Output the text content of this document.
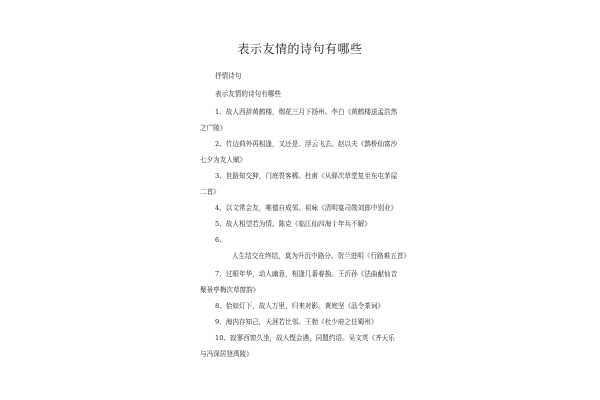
表示友情的诗句有哪些
抒情诗句
表示友情的诗句有哪些
1、故人西辞黄鹤楼，烟花三月下扬州。李白《黄鹤楼送孟浩然
之广陵》
2、竹边荷外再相逢，又还是、浮云飞去。赵以夫《鹊桥仙富沙
七夕为友人赋》
3、世路知交狎，门庭畏客稀。杜甫《从驿次草堂复至东屯茅屋
二首》
4、以文常会友，唯德自成邻。祖咏《清明宴司勋刘郎中别业》
5、故人相望若为情。陈克《临江仙四海十年兵不解》
6、
人生结交在终结，莫为升沉中路分。贺兰进明《行路难五首》
7、过眼年华，动人幽意，相逢几番春换。王沂孙《法曲献仙音
聚景亭梅次草窗韵》
8、恰如灯下，故人万里，归来对影。黄庭坚《品令茶词》
9、海内存知己，天涯若比邻。王勃《杜少府之任蜀州》
10、寂寥西窗久坐，故人悭会遇，同盟约语。吴文英《齐天乐
与冯深居登禹陵》
